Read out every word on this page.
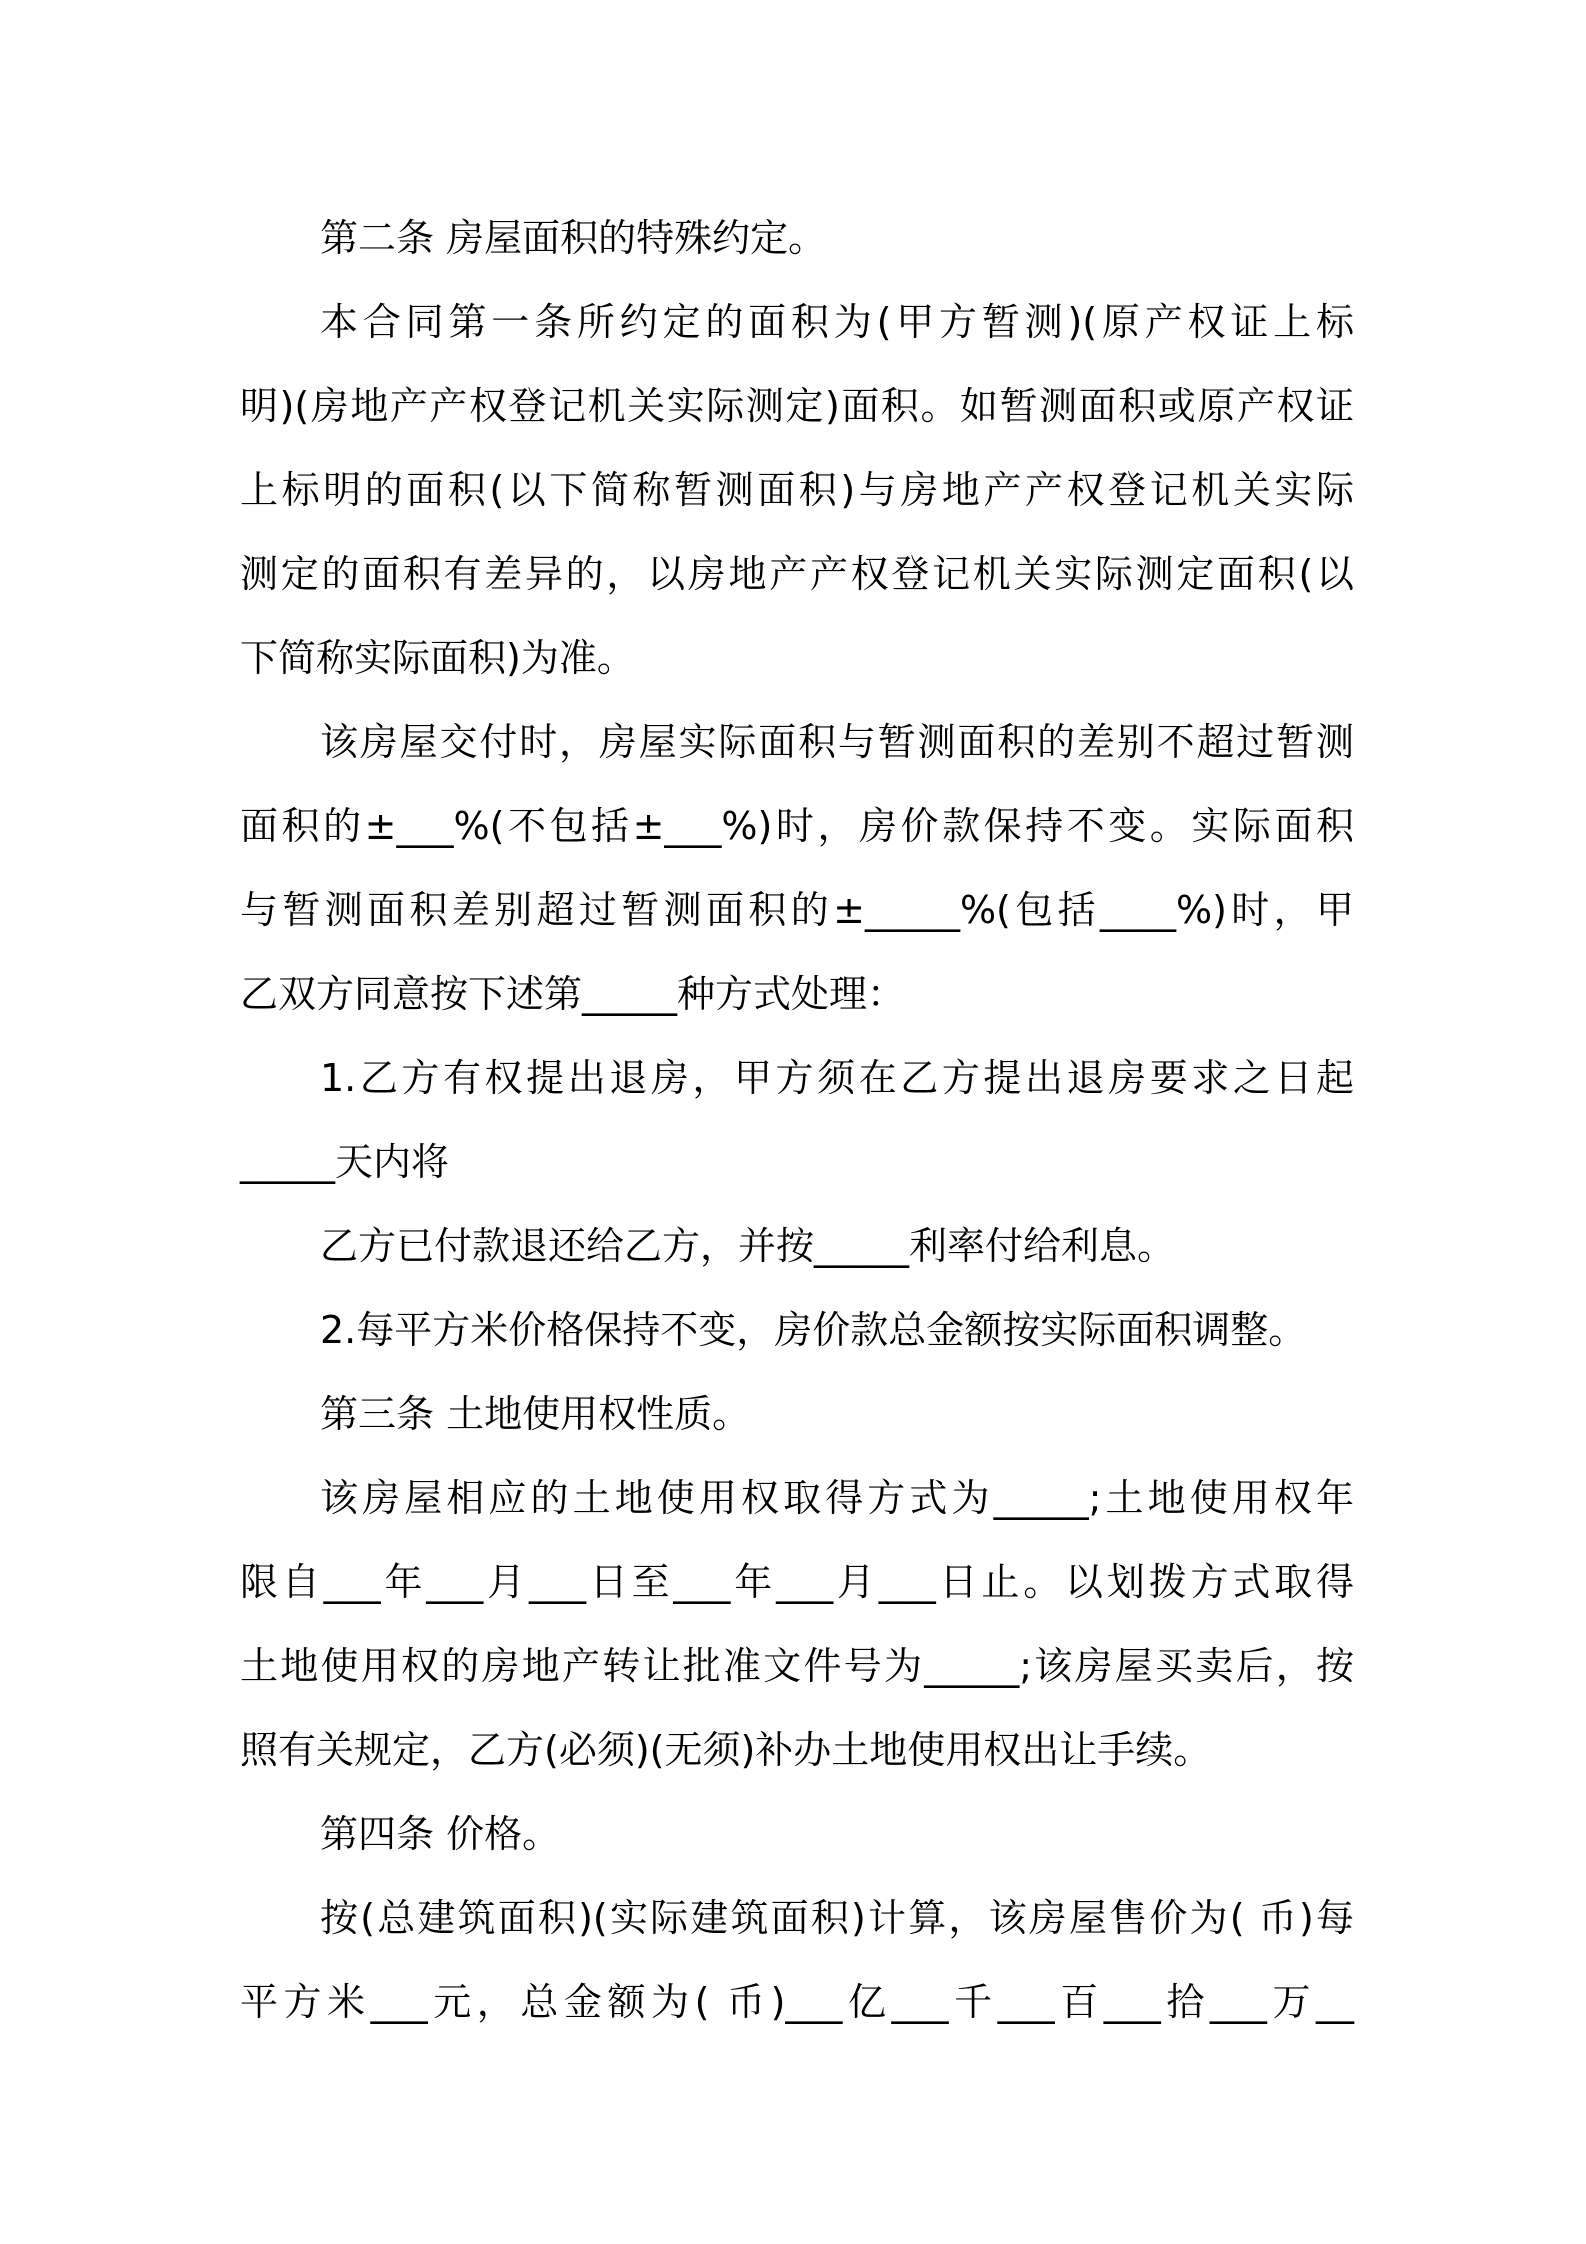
第二条 房屋面积的特殊约定。
本合同第一条所约定的面积为(甲方暂测)(原产权证上标
明)(房地产产权登记机关实际测定)面积。如暂测面积或原产权证
上标明的面积(以下简称暂测面积)与房地产产权登记机关实际
测定的面积有差异的，以房地产产权登记机关实际测定面积(以
下简称实际面积)为准。
该房屋交付时，房屋实际面积与暂测面积的差别不超过暂测
面积的±___%(不包括±___%)时，房价款保持不变。实际面积
与暂测面积差别超过暂测面积的±_____%(包括____%)时，甲
乙双方同意按下述第_____种方式处理：
1.乙方有权提出退房，甲方须在乙方提出退房要求之日起
_____天内将
乙方已付款退还给乙方，并按_____利率付给利息。
2.每平方米价格保持不变，房价款总金额按实际面积调整。
第三条 土地使用权性质。
该房屋相应的土地使用权取得方式为_____;土地使用权年
限自___年___月___日至___年___月___日止。以划拨方式取得
土地使用权的房地产转让批准文件号为_____;该房屋买卖后，按
照有关规定，乙方(必须)(无须)补办土地使用权出让手续。
第四条 价格。
按(总建筑面积)(实际建筑面积)计算，该房屋售价为( 币)每
平方米___元，总金额为( 币)___亿___千___百___拾___万__
